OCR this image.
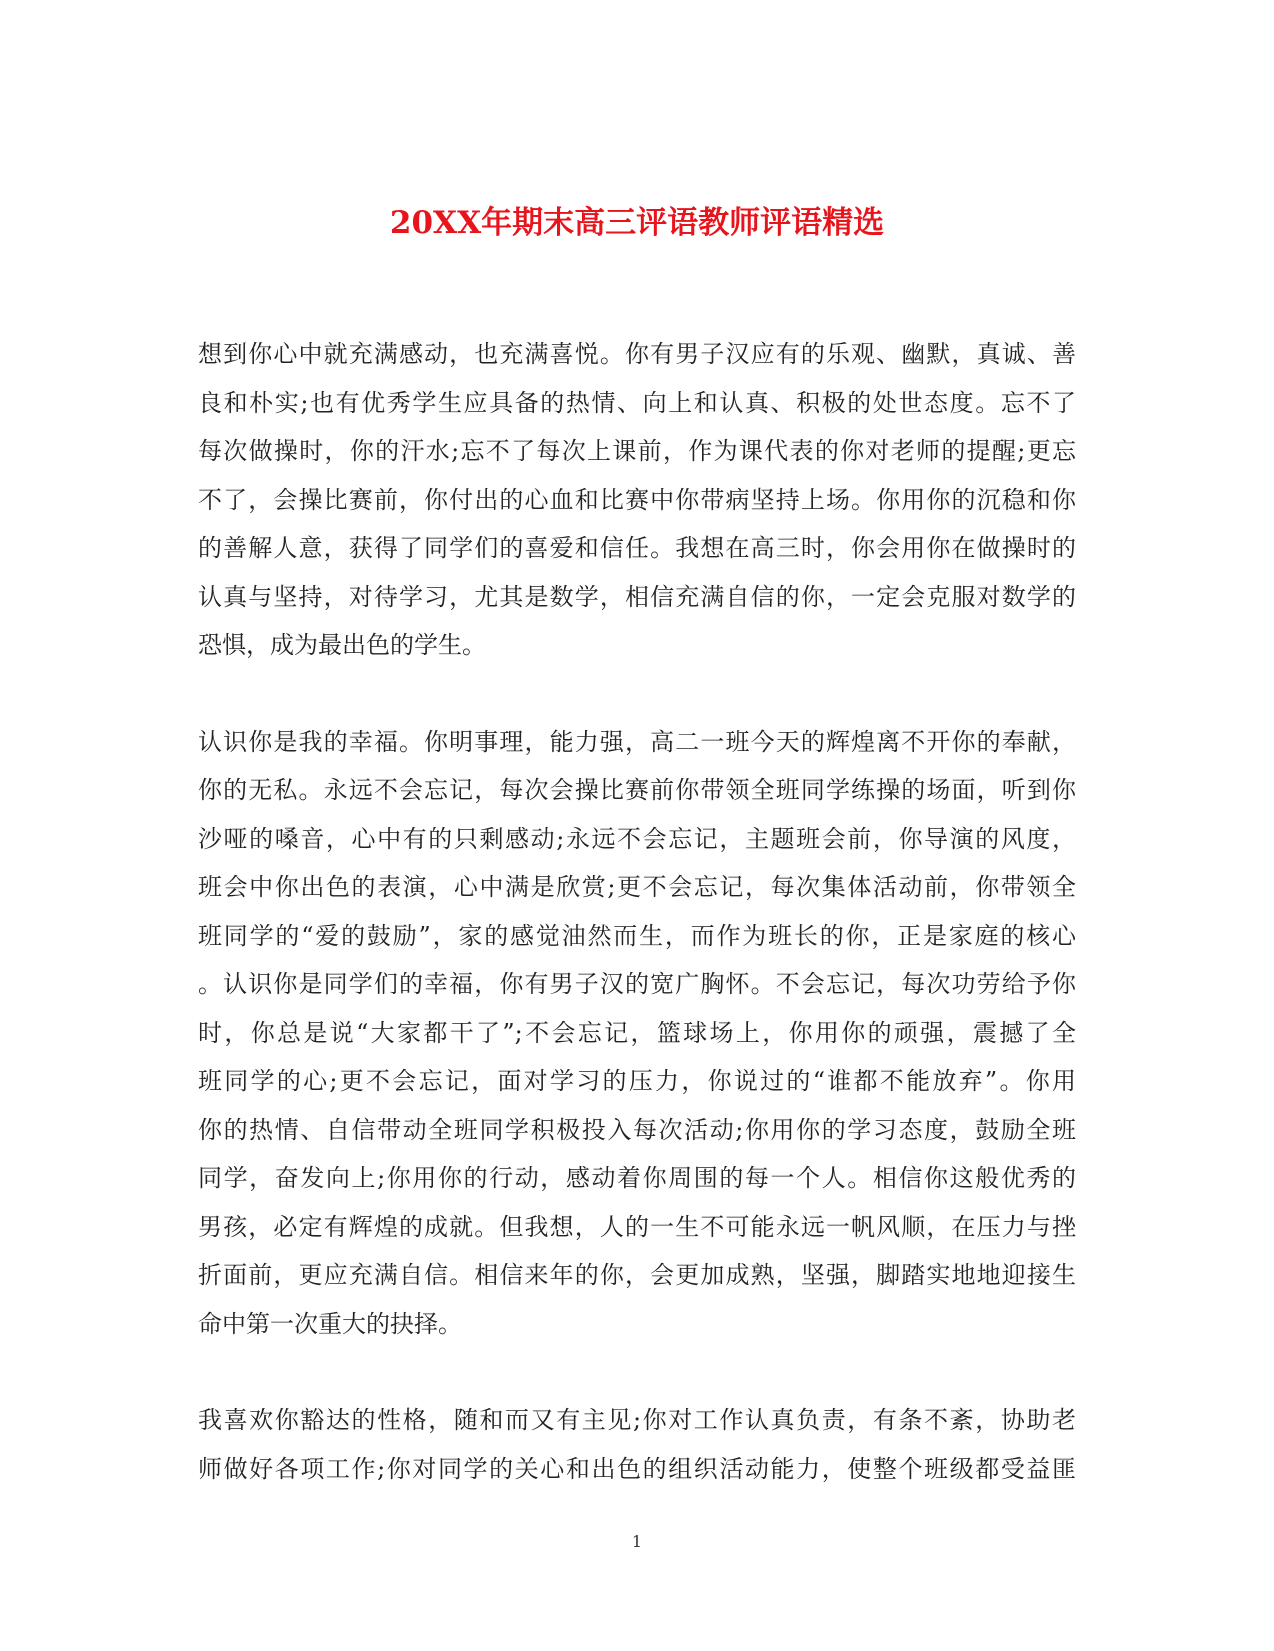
20XX年期末高三评语教师评语精选

想到你心中就充满感动，也充满喜悦。你有男子汉应有的乐观、幽默，真诚、善
良和朴实;也有优秀学生应具备的热情、向上和认真、积极的处世态度。忘不了
每次做操时，你的汗水;忘不了每次上课前，作为课代表的你对老师的提醒;更忘
不了，会操比赛前，你付出的心血和比赛中你带病坚持上场。你用你的沉稳和你
的善解人意，获得了同学们的喜爱和信任。我想在高三时，你会用你在做操时的
认真与坚持，对待学习，尤其是数学，相信充满自信的你，一定会克服对数学的
恐惧，成为最出色的学生。

认识你是我的幸福。你明事理，能力强，高二一班今天的辉煌离不开你的奉献，
你的无私。永远不会忘记，每次会操比赛前你带领全班同学练操的场面，听到你
沙哑的嗓音，心中有的只剩感动;永远不会忘记，主题班会前，你导演的风度，
班会中你出色的表演，心中满是欣赏;更不会忘记，每次集体活动前，你带领全
班同学的“爱的鼓励”，家的感觉油然而生，而作为班长的你，正是家庭的核心
。认识你是同学们的幸福，你有男子汉的宽广胸怀。不会忘记，每次功劳给予你
时，你总是说“大家都干了”;不会忘记，篮球场上，你用你的顽强，震撼了全
班同学的心;更不会忘记，面对学习的压力，你说过的“谁都不能放弃”。你用
你的热情、自信带动全班同学积极投入每次活动;你用你的学习态度，鼓励全班
同学，奋发向上;你用你的行动，感动着你周围的每一个人。相信你这般优秀的
男孩，必定有辉煌的成就。但我想，人的一生不可能永远一帆风顺，在压力与挫
折面前，更应充满自信。相信来年的你，会更加成熟，坚强，脚踏实地地迎接生
命中第一次重大的抉择。

我喜欢你豁达的性格，随和而又有主见;你对工作认真负责，有条不紊，协助老
师做好各项工作;你对同学的关心和出色的组织活动能力，使整个班级都受益匪

1
